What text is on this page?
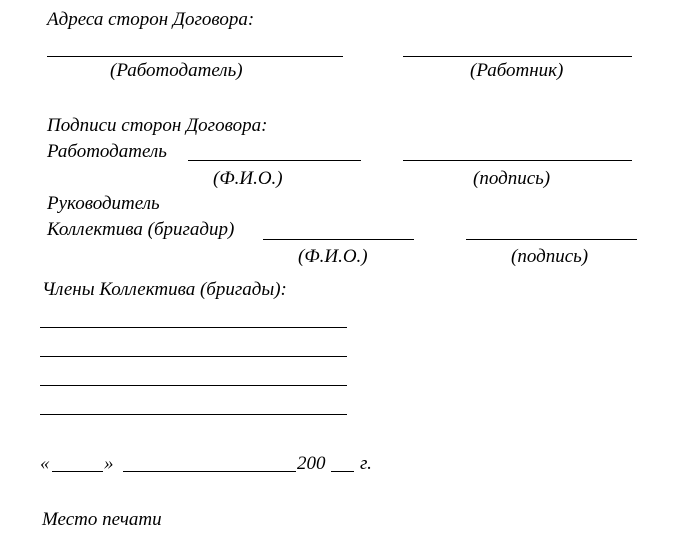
Адреса сторон Договора:
(Работодатель)	(Работник)
Подписи сторон Договора:
Работодатель
(Ф.И.О.)	(подпись)
Руководитель
Коллектива (бригадир)
(Ф.И.О.)	(подпись)
Члены Коллектива (бригады):
«	»	200 г.
Место печати
